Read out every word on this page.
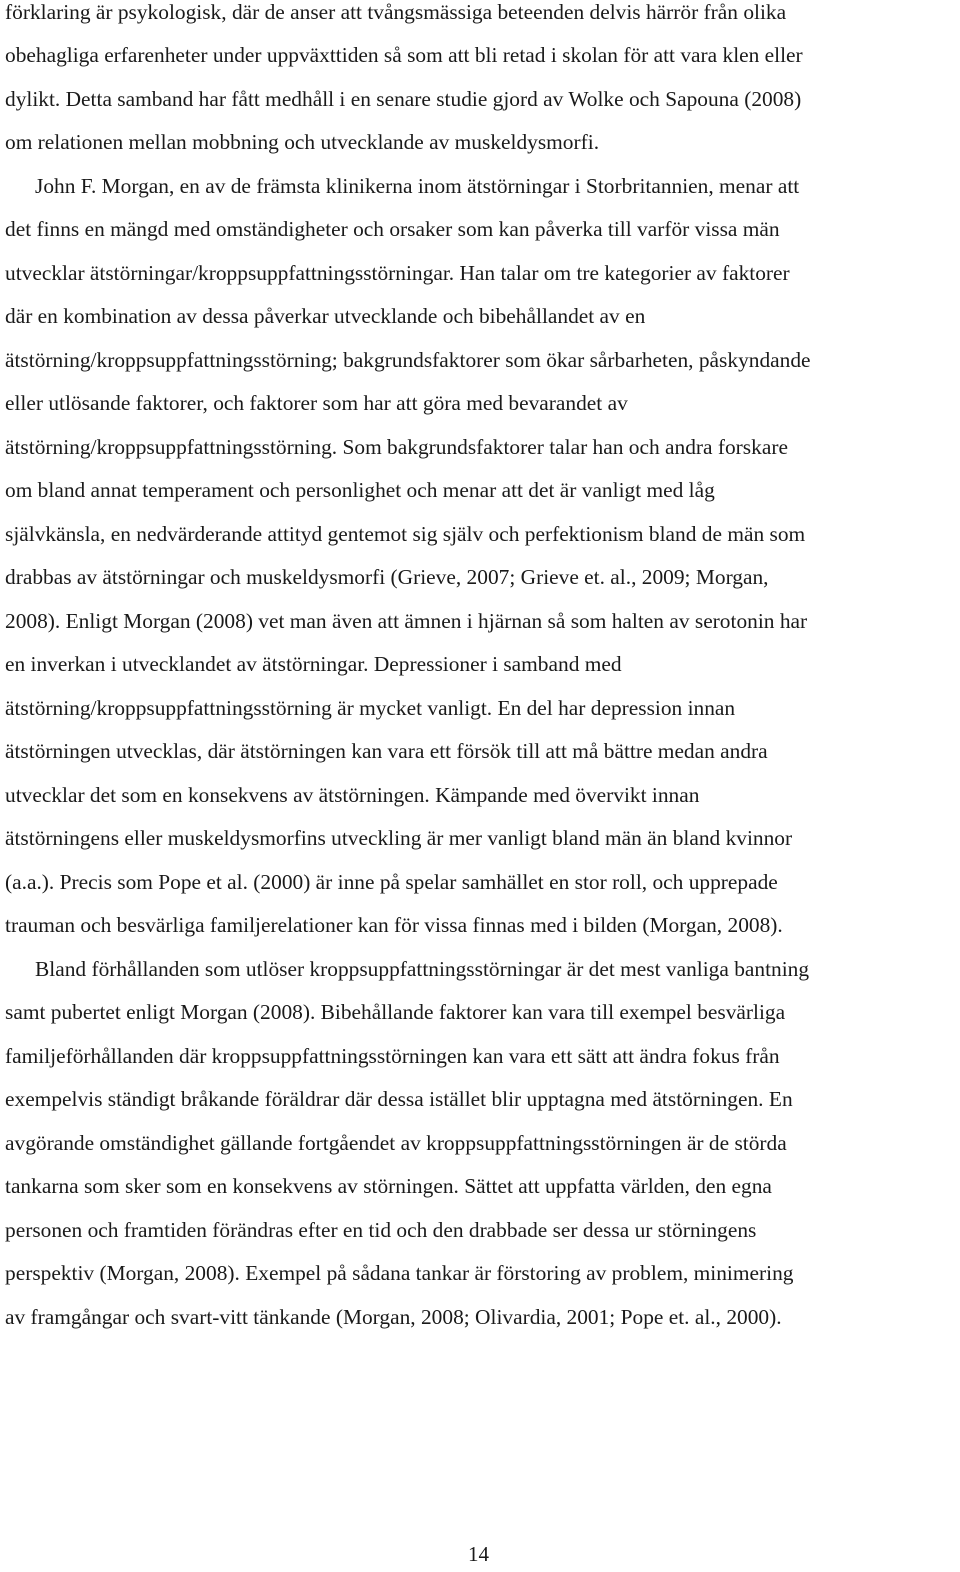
förklaring är psykologisk, där de anser att tvångsmässiga beteenden delvis härrör från olika

obehagliga erfarenheter under uppväxttiden så som att bli retad i skolan för att vara klen eller

dylikt. Detta samband har fått medhåll i en senare studie gjord av Wolke och Sapouna (2008)

om relationen mellan mobbning och utvecklande av muskeldysmorfi.

John F. Morgan, en av de främsta klinikerna inom ätstörningar i Storbritannien, menar att

det finns en mängd med omständigheter och orsaker som kan påverka till varför vissa män

utvecklar ätstörningar/kroppsuppfattningsstörningar. Han talar om tre kategorier av faktorer

där en kombination av dessa påverkar utvecklande och bibehållandet av en

ätstörning/kroppsuppfattningsstörning; bakgrundsfaktorer som ökar sårbarheten, påskyndande

eller utlösande faktorer, och faktorer som har att göra med bevarandet av

ätstörning/kroppsuppfattningsstörning. Som bakgrundsfaktorer talar han och andra forskare

om bland annat temperament och personlighet och menar att det är vanligt med låg

självkänsla, en nedvärderande attityd gentemot sig själv och perfektionism bland de män som

drabbas av ätstörningar och muskeldysmorfi (Grieve, 2007; Grieve et. al., 2009; Morgan,

2008). Enligt Morgan (2008) vet man även att ämnen i hjärnan så som halten av serotonin har

en inverkan i utvecklandet av ätstörningar. Depressioner i samband med

ätstörning/kroppsuppfattningsstörning är mycket vanligt. En del har depression innan

ätstörningen utvecklas, där ätstörningen kan vara ett försök till att må bättre medan andra

utvecklar det som en konsekvens av ätstörningen. Kämpande med övervikt innan

ätstörningens eller muskeldysmorfins utveckling är mer vanligt bland män än bland kvinnor

(a.a.). Precis som Pope et al. (2000) är inne på spelar samhället en stor roll, och upprepade

trauman och besvärliga familjerelationer kan för vissa finnas med i bilden (Morgan, 2008).

Bland förhållanden som utlöser kroppsuppfattningsstörningar är det mest vanliga bantning

samt pubertet enligt Morgan (2008). Bibehållande faktorer kan vara till exempel besvärliga

familjeförhållanden där kroppsuppfattningsstörningen kan vara ett sätt att ändra fokus från

exempelvis ständigt bråkande föräldrar där dessa istället blir upptagna med ätstörningen. En

avgörande omständighet gällande fortgåendet av kroppsuppfattningsstörningen är de störda

tankarna som sker som en konsekvens av störningen. Sättet att uppfatta världen, den egna

personen och framtiden förändras efter en tid och den drabbade ser dessa ur störningens

perspektiv (Morgan, 2008). Exempel på sådana tankar är förstoring av problem, minimering

av framgångar och svart-vitt tänkande (Morgan, 2008; Olivardia, 2001; Pope et. al., 2000).

14
